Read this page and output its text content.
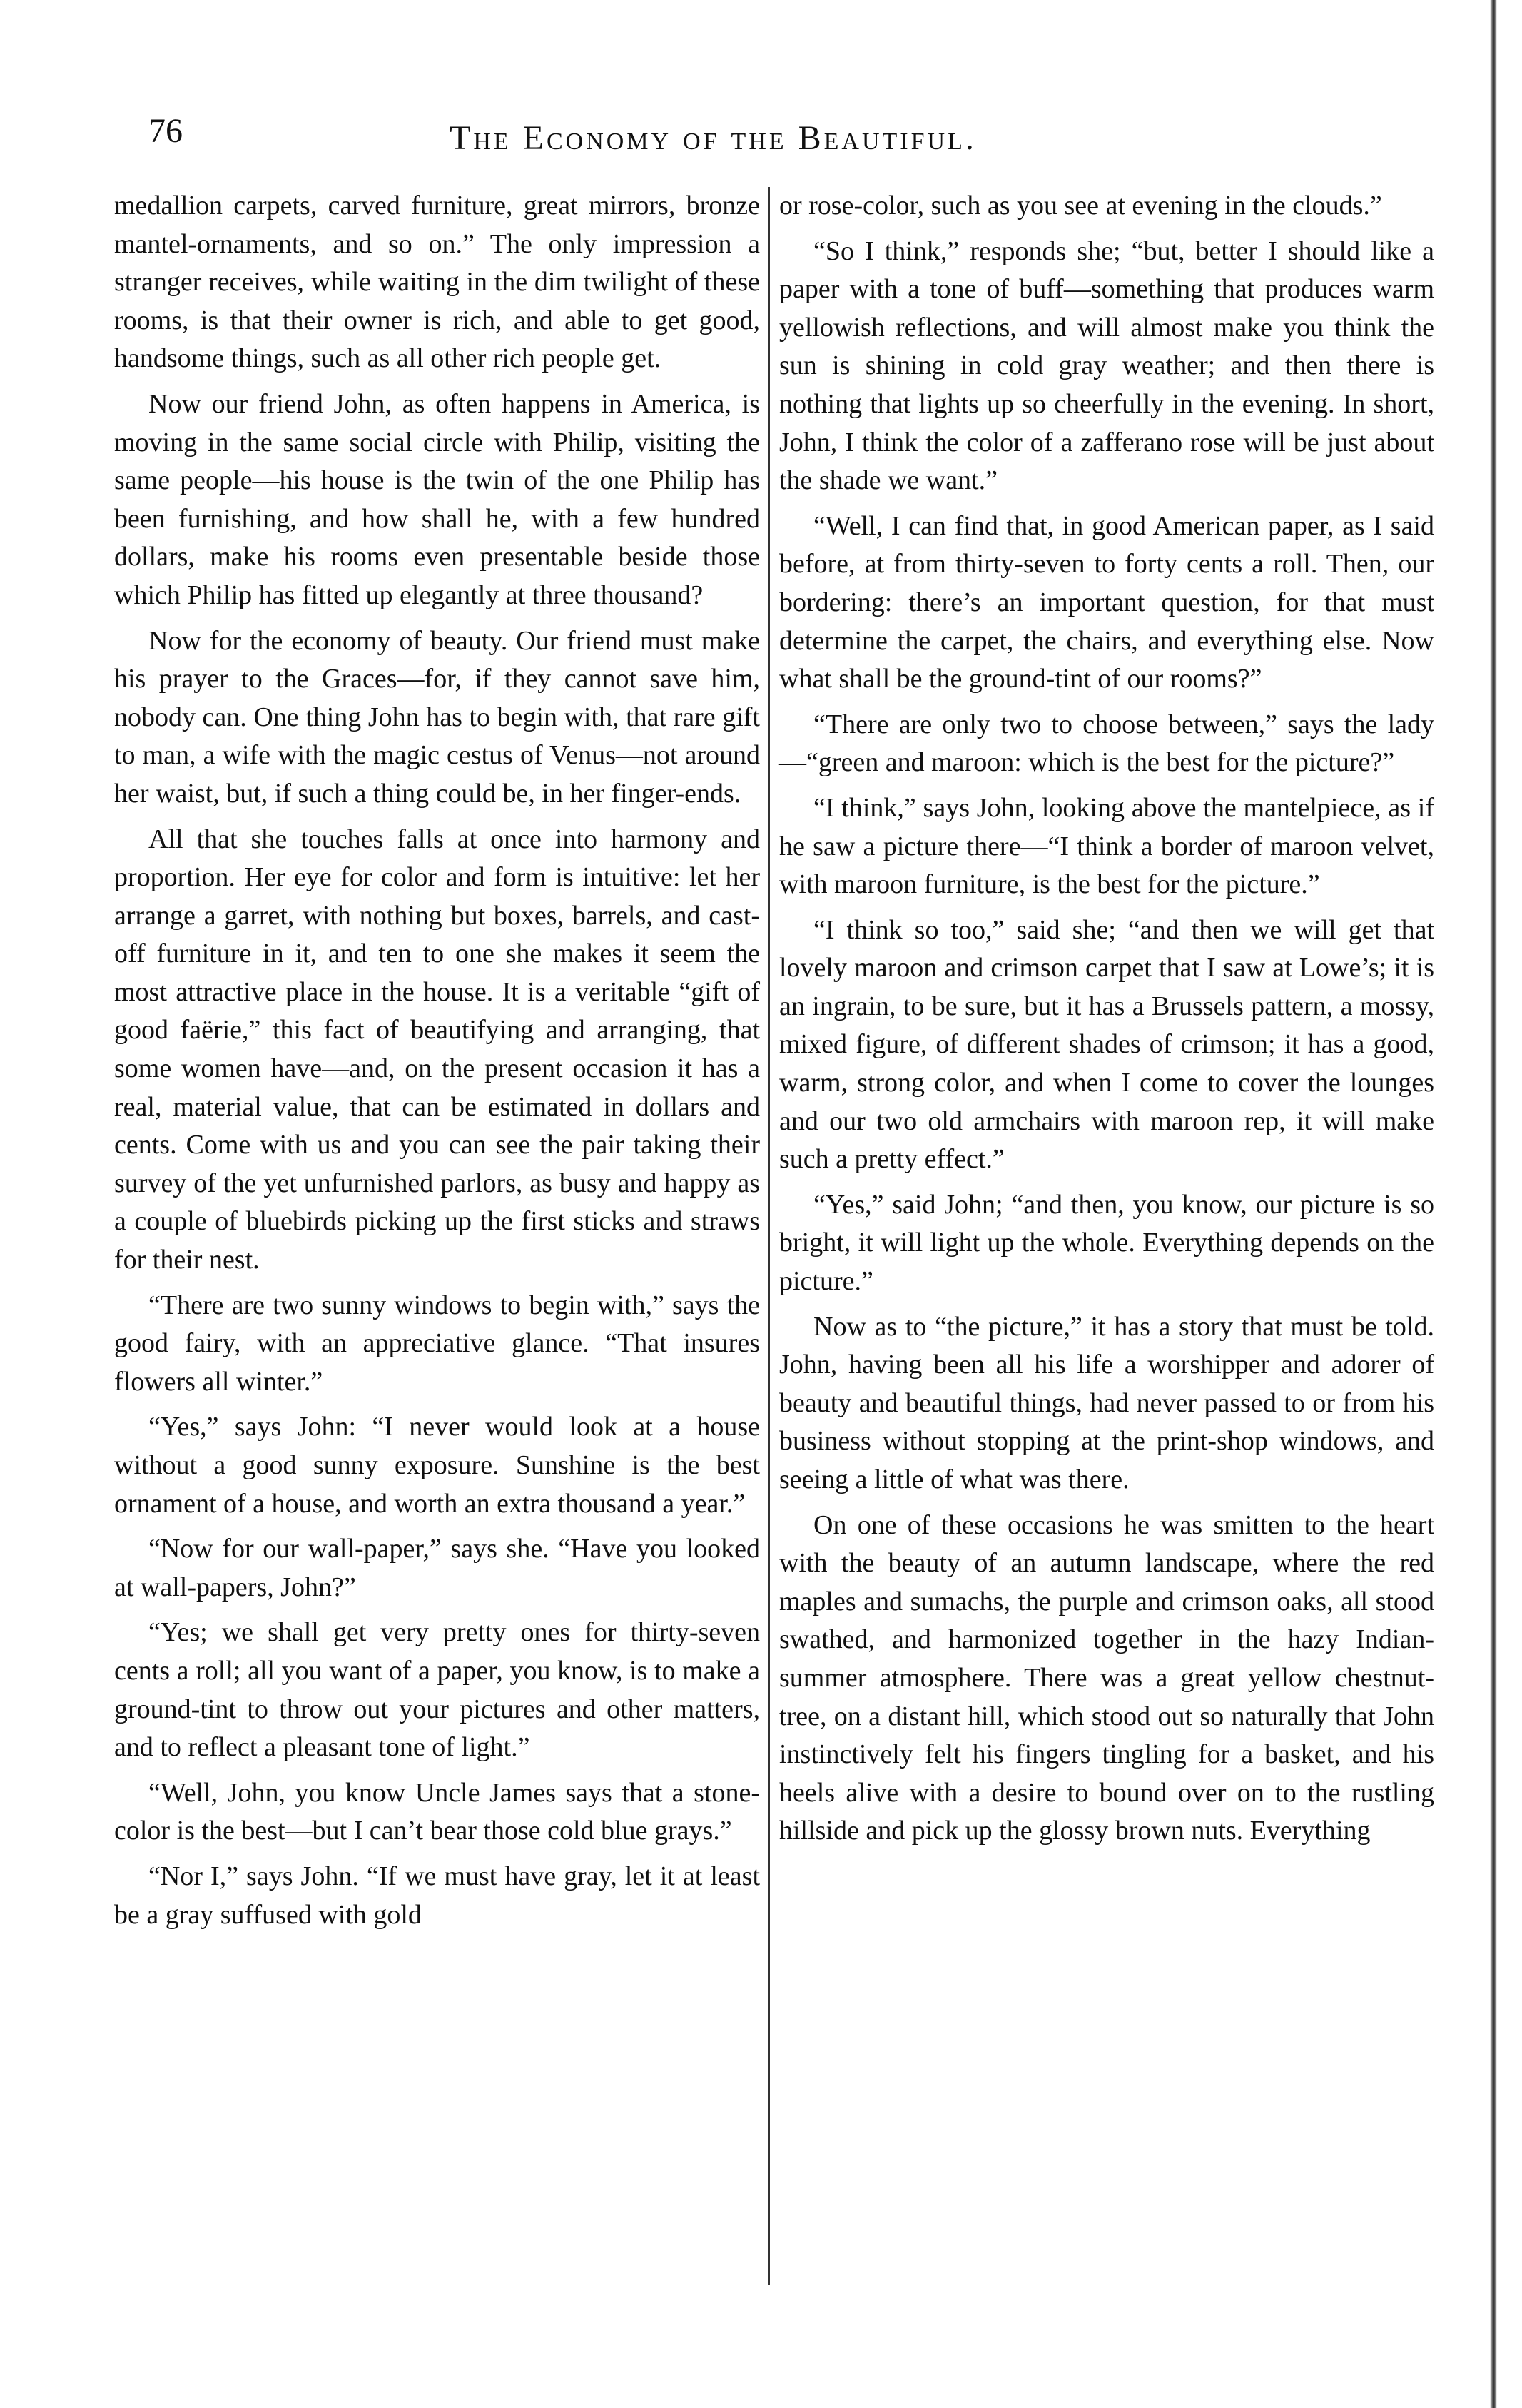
76	The Economy of the Beautiful.

medallion carpets, carved furniture, great mirrors, bronze mantel-ornaments, and so on.” The only impression a stranger receives, while waiting in the dim twilight of these rooms, is that their owner is rich, and able to get good, handsome things, such as all other rich people get.

Now our friend John, as often happens in America, is moving in the same social circle with Philip, visiting the same people—his house is the twin of the one Philip has been furnishing, and how shall he, with a few hundred dollars, make his rooms even presentable beside those which Philip has fitted up elegantly at three thousand?

Now for the economy of beauty. Our friend must make his prayer to the Graces—for, if they cannot save him, nobody can. One thing John has to begin with, that rare gift to man, a wife with the magic cestus of Venus—not around her waist, but, if such a thing could be, in her finger-ends.

All that she touches falls at once into harmony and proportion. Her eye for color and form is intuitive: let her arrange a garret, with nothing but boxes, barrels, and cast-off furniture in it, and ten to one she makes it seem the most attractive place in the house. It is a veritable “gift of good faërie,” this fact of beautifying and arranging, that some women have—and, on the present occasion it has a real, material value, that can be estimated in dollars and cents. Come with us and you can see the pair taking their survey of the yet unfurnished parlors, as busy and happy as a couple of bluebirds picking up the first sticks and straws for their nest.

“There are two sunny windows to begin with,” says the good fairy, with an appreciative glance. “That insures flowers all winter.”

“Yes,” says John: “I never would look at a house without a good sunny exposure. Sunshine is the best ornament of a house, and worth an extra thousand a year.”

“Now for our wall-paper,” says she. “Have you looked at wall-papers, John?”

“Yes; we shall get very pretty ones for thirty-seven cents a roll; all you want of a paper, you know, is to make a ground-tint to throw out your pictures and other matters, and to reflect a pleasant tone of light.”

“Well, John, you know Uncle James says that a stone-color is the best—but I can’t bear those cold blue grays.”

“Nor I,” says John. “If we must have gray, let it at least be a gray suffused with gold

or rose-color, such as you see at evening in the clouds.”

“So I think,” responds she; “but, better I should like a paper with a tone of buff—something that produces warm yellowish reflections, and will almost make you think the sun is shining in cold gray weather; and then there is nothing that lights up so cheerfully in the evening. In short, John, I think the color of a zafferano rose will be just about the shade we want.”

“Well, I can find that, in good American paper, as I said before, at from thirty-seven to forty cents a roll. Then, our bordering: there’s an important question, for that must determine the carpet, the chairs, and everything else. Now what shall be the ground-tint of our rooms?”

“There are only two to choose between,” says the lady—“green and maroon: which is the best for the picture?”

“I think,” says John, looking above the mantelpiece, as if he saw a picture there—“I think a border of maroon velvet, with maroon furniture, is the best for the picture.”

“I think so too,” said she; “and then we will get that lovely maroon and crimson carpet that I saw at Lowe’s; it is an ingrain, to be sure, but it has a Brussels pattern, a mossy, mixed figure, of different shades of crimson; it has a good, warm, strong color, and when I come to cover the lounges and our two old armchairs with maroon rep, it will make such a pretty effect.”

“Yes,” said John; “and then, you know, our picture is so bright, it will light up the whole. Everything depends on the picture.”

Now as to “the picture,” it has a story that must be told. John, having been all his life a worshipper and adorer of beauty and beautiful things, had never passed to or from his business without stopping at the print-shop windows, and seeing a little of what was there.

On one of these occasions he was smitten to the heart with the beauty of an autumn landscape, where the red maples and sumachs, the purple and crimson oaks, all stood swathed, and harmonized together in the hazy Indian-summer atmosphere. There was a great yellow chestnut-tree, on a distant hill, which stood out so naturally that John instinctively felt his fingers tingling for a basket, and his heels alive with a desire to bound over on to the rustling hillside and pick up the glossy brown nuts. Everything
